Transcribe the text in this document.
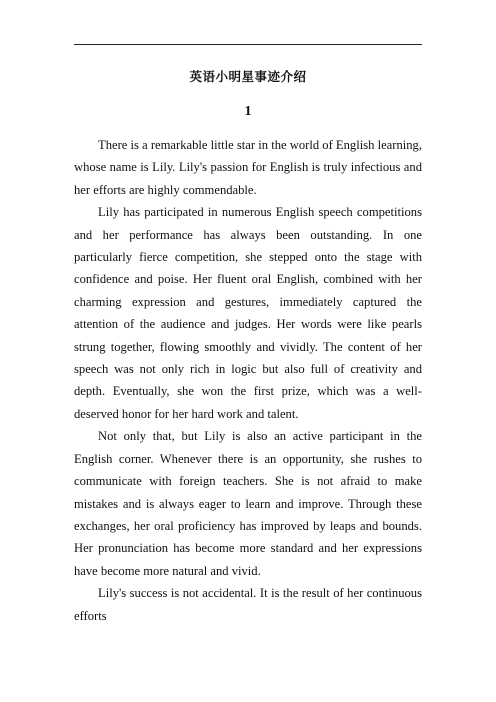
英语小明星事迹介绍
1

There is a remarkable little star in the world of English learning, whose name is Lily. Lily's passion for English is truly infectious and her efforts are highly commendable.

Lily has participated in numerous English speech competitions and her performance has always been outstanding. In one particularly fierce competition, she stepped onto the stage with confidence and poise. Her fluent oral English, combined with her charming expression and gestures, immediately captured the attention of the audience and judges. Her words were like pearls strung together, flowing smoothly and vividly. The content of her speech was not only rich in logic but also full of creativity and depth. Eventually, she won the first prize, which was a well-deserved honor for her hard work and talent.

Not only that, but Lily is also an active participant in the English corner. Whenever there is an opportunity, she rushes to communicate with foreign teachers. She is not afraid to make mistakes and is always eager to learn and improve. Through these exchanges, her oral proficiency has improved by leaps and bounds. Her pronunciation has become more standard and her expressions have become more natural and vivid.

Lily's success is not accidental. It is the result of her continuous efforts
